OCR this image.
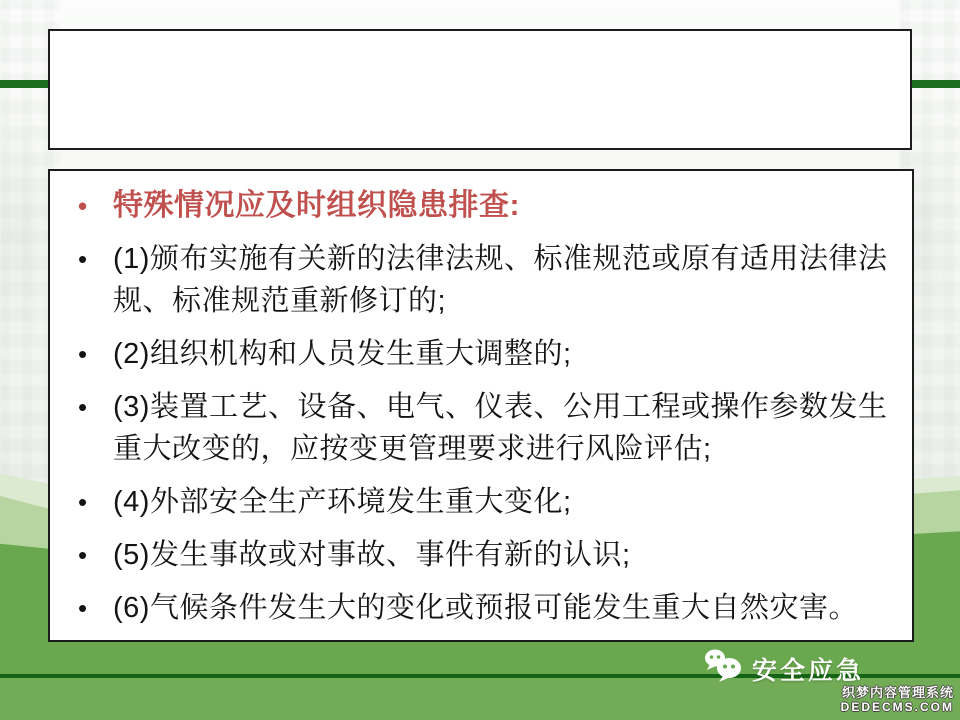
• 特殊情况应及时组织隐患排查:
• (1)颁布实施有关新的法律法规、标准规范或原有适用法律法规、标准规范重新修订的;
• (2)组织机构和人员发生重大调整的;
• (3)装置工艺、设备、电气、仪表、公用工程或操作参数发生重大改变的，应按变更管理要求进行风险评估;
• (4)外部安全生产环境发生重大变化;
• (5)发生事故或对事故、事件有新的认识;
• (6)气候条件发生大的变化或预报可能发生重大自然灾害。
安全应急
织梦内容管理系统
DEDECMS.COM
